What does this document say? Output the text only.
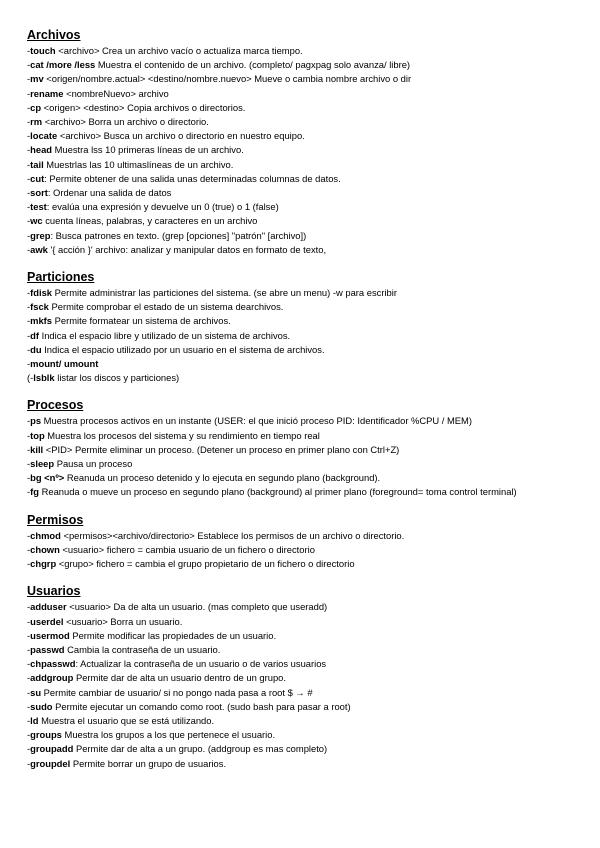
Archivos
-touch <archivo> Crea un archivo vacío o actualiza marca tiempo.
-cat /more /less Muestra el contenido de un archivo. (completo/ pagxpag solo avanza/ libre)
-mv <origen/nombre.actual> <destino/nombre.nuevo> Mueve o cambia nombre archivo o dir
-rename <nombreNuevo> archivo
-cp <origen> <destino> Copia archivos o directorios.
-rm <archivo> Borra un archivo o directorio.
-locate <archivo> Busca un archivo o directorio en nuestro equipo.
-head Muestra lss 10 primeras líneas de un archivo.
-tail Muestrlas las 10 ultimaslíneas de un archivo.
-cut: Permite obtener de una salida unas determinadas columnas de datos.
-sort: Ordenar una salida de datos
-test: evalúa una expresión y devuelve un 0 (true) o 1 (false)
-wc cuenta líneas, palabras, y caracteres en un archivo
-grep: Busca patrones en texto. (grep [opciones] "patrón" [archivo])
-awk '{ acción }' archivo: analizar y manipular datos en formato de texto,
Particiones
-fdisk Permite administrar las particiones del sistema. (se abre un menu) -w para escribir
-fsck Permite comprobar el estado de un sistema dearchivos.
-mkfs Permite formatear un sistema de archivos.
-df Indica el espacio libre y utilizado de un sistema de archivos.
-du Indica el espacio utilizado por un usuario en el sistema de archivos.
-mount/ umount
(-lsblk listar los discos y particiones)
Procesos
-ps Muestra procesos activos en un instante (USER: el que inició proceso PID: Identificador %CPU / MEM)
-top Muestra los procesos del sistema y su rendimiento en tiempo real
-kill <PID> Permite eliminar un proceso. (Detener un proceso en primer plano con Ctrl+Z)
-sleep Pausa un proceso
-bg <nº> Reanuda un proceso detenido y lo ejecuta en segundo plano (background).
-fg Reanuda o mueve un proceso en segundo plano (background) al primer plano (foreground= toma control terminal)
Permisos
-chmod <permisos><archivo/directorio> Establece los permisos de un archivo o directorio.
-chown <usuario> fichero = cambia usuario de un fichero o directorio
-chgrp <grupo> fichero = cambia el grupo propietario de un fichero o directorio
Usuarios
-adduser <usuario> Da de alta un usuario. (mas completo que useradd)
-userdel <usuario> Borra un usuario.
-usermod Permite modificar las propiedades de un usuario.
-passwd Cambia la contraseña de un usuario.
-chpasswd: Actualizar la contraseña de un usuario o de varios usuarios
-addgroup Permite dar de alta un usuario dentro de un grupo.
-su Permite cambiar de usuario/ si no pongo nada pasa a root $ → #
-sudo Permite ejecutar un comando como root. (sudo bash para pasar a root)
-ld Muestra el usuario que se está utilizando.
-groups Muestra los grupos a los que pertenece el usuario.
-groupadd Permite dar de alta a un grupo. (addgroup es mas completo)
-groupdel Permite borrar un grupo de usuarios.
